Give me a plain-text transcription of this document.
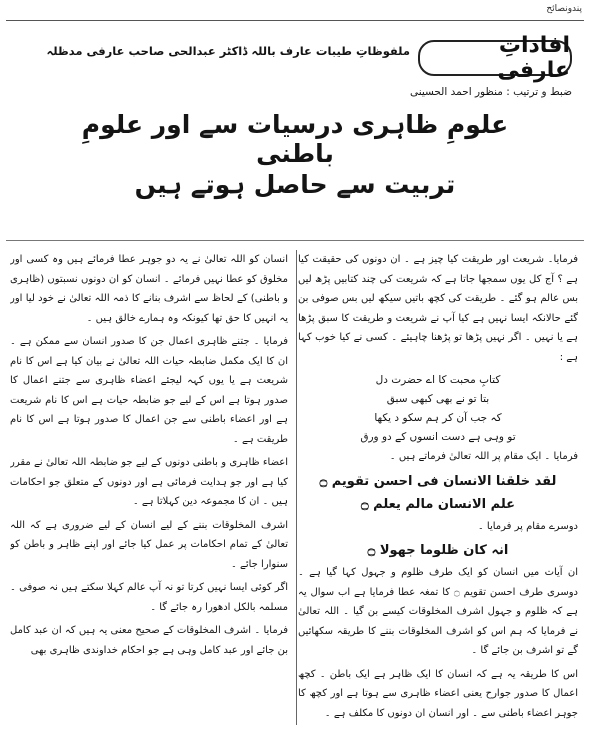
پندونصائح
افاداتِ عارفی
ملفوظاتِ طیبات عارف باللہ ڈاکٹر عبدالحی صاحب عارفی مدظلہ
ضبط و ترتیب : منظور احمد الحسینی
علومِ ظاہری درسیات سے اور علومِ باطنی
تربیت سے حاصل ہوتے ہیں

فرمایا۔ شریعت اور طریقت کیا چیز ہے ۔ ان دونوں کی حقیقت کیا ہے ؟ آج کل یوں سمجھا جاتا ہے کہ شریعت کی چند کتابیں پڑھ لیں بس عالم ہو گئے ۔ طریقت کی کچھ باتیں سیکھ لیں بس صوفی بن گئے حالانکہ ایسا نہیں ہے کیا آپ نے شریعت و طریقت کا سبق پڑھا ہے یا نہیں ۔ اگر نہیں پڑھا تو پڑھنا چاہیئے ۔ کسی نے کیا خوب کہا ہے :

کتابِ محبت کا اے حضرت دل

بتا تو نے بھی کبھی سبق

کہ جب آن کر ہم سکو د یکھا

تو وہی ہے دست انسوں کے دو ورق

فرمایا ۔ ایک مقام پر اللہ تعالیٰ فرماتے ہیں ۔

لقد خلقنا الانسان فی احسن تقویم ۝

علم الانسان مالم یعلم ۝

دوسرے مقام پر فرمایا ۔

انہ کان ظلوما جھولا ۝

ان آیات میں انسان کو ایک طرف ظلوم و جہول کہا گیا ہے ۔ دوسری طرف احسن تقویم ۝ کا تمغہ عطا فرمایا ہے اب سوال یہ ہے کہ ظلوم و جہول اشرف المخلوقات کیسے بن گیا ۔ اللہ تعالیٰ نے فرمایا کہ ہم اس کو اشرف المخلوقات بننے کا طریقہ سکھائیں گے تو اشرف بن جائے گا ۔

اس کا طریقہ یہ ہے کہ انسان کا ایک ظاہر ہے ایک باطن ۔ کچھ اعمال کا صدور جوارح یعنی اعضاء ظاہری سے ہوتا ہے اور کچھ کا جوہر اعضاء باطنی سے ۔ اور انسان ان دونوں کا مکلف ہے ۔

انسان کو اللہ تعالیٰ نے یہ دو جوہر عطا فرمائے ہیں وہ کسی اور مخلوق کو عطا نہیں فرمائے ۔ انسان کو ان دونوں نسبتوں (ظاہری و باطنی) کے لحاظ سے اشرف بنانے کا ذمہ اللہ تعالیٰ نے خود لیا اور یہ انہیں کا حق تھا کیونکہ وہ ہمارے خالق ہیں ۔

فرمایا ۔ جتنے ظاہری اعمال جن کا صدور انسان سے ممکن ہے ۔ ان کا ایک مکمل ضابطہ حیات اللہ تعالیٰ نے بیان کیا ہے اس کا نام شریعت ہے یا یوں کہہ لیجئے اعضاء ظاہری سے جتنے اعمال کا صدور ہوتا ہے اس کے لیے جو ضابطہ حیات ہے اس کا نام شریعت ہے اور اعضاء باطنی سے جن اعمال کا صدور ہوتا ہے اس کا نام طریقت ہے ۔

اعضاء ظاہری و باطنی دونوں کے لیے جو ضابطہ اللہ تعالیٰ نے مقرر کیا ہے اور جو ہدایت فرمائی ہے اور دونوں کے متعلق جو احکامات ہیں ۔ ان کا مجموعہ دین کہلاتا ہے ۔

اشرف المخلوقات بننے کے لیے انسان کے لیے ضروری ہے کہ اللہ تعالیٰ کے تمام احکامات پر عمل کیا جائے اور اپنے ظاہر و باطن کو سنوارا جائے ۔

اگر کوئی ایسا نہیں کرتا تو نہ آپ عالم کہلا سکتے ہیں نہ صوفی ۔ مسلمہ بالکل ادھورا رہ جائے گا ۔

فرمایا ۔ اشرف المخلوقات کے صحیح معنی یہ ہیں کہ ان عبد کامل بن جائے اور عبد کامل وہی ہے جو احکام خداوندی ظاہری بھی
